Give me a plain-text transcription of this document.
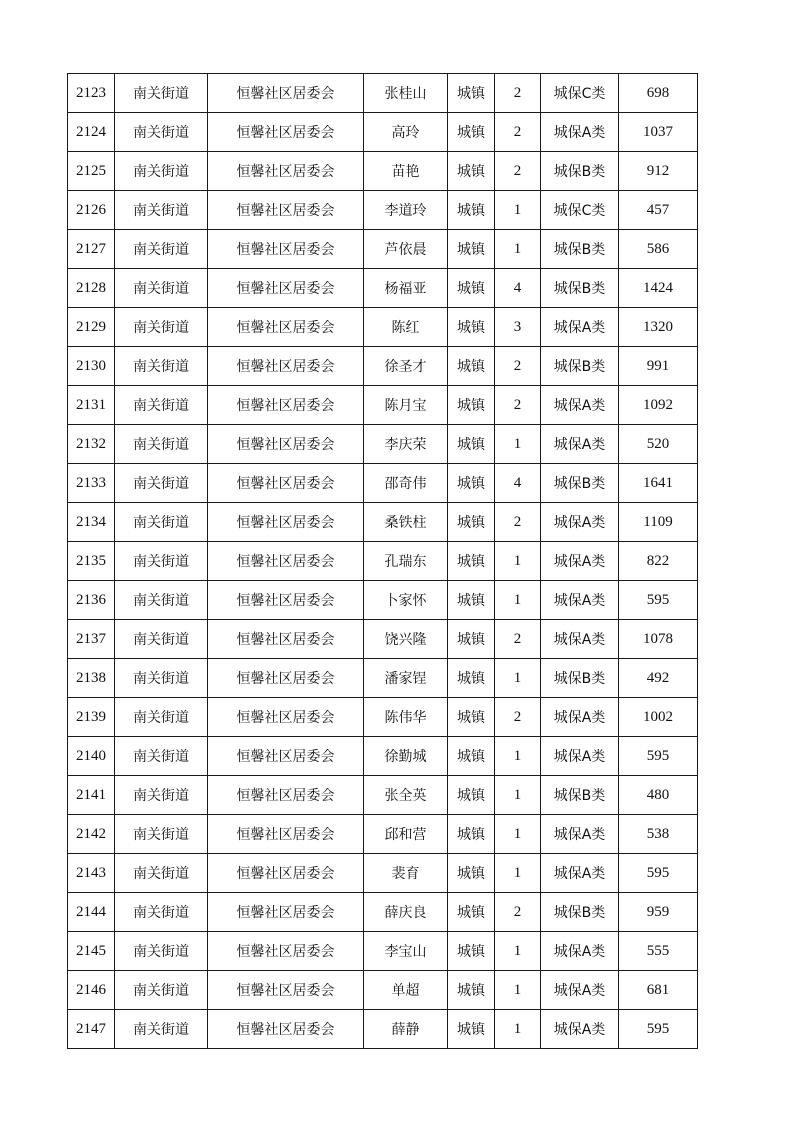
2123	南关街道	恒馨社区居委会	张桂山	城镇	2	城保C类	698
2124	南关街道	恒馨社区居委会	高玲	城镇	2	城保A类	1037
2125	南关街道	恒馨社区居委会	苗艳	城镇	2	城保B类	912
2126	南关街道	恒馨社区居委会	李道玲	城镇	1	城保C类	457
2127	南关街道	恒馨社区居委会	芦依晨	城镇	1	城保B类	586
2128	南关街道	恒馨社区居委会	杨福亚	城镇	4	城保B类	1424
2129	南关街道	恒馨社区居委会	陈红	城镇	3	城保A类	1320
2130	南关街道	恒馨社区居委会	徐圣才	城镇	2	城保B类	991
2131	南关街道	恒馨社区居委会	陈月宝	城镇	2	城保A类	1092
2132	南关街道	恒馨社区居委会	李庆荣	城镇	1	城保A类	520
2133	南关街道	恒馨社区居委会	邵奇伟	城镇	4	城保B类	1641
2134	南关街道	恒馨社区居委会	桑铁柱	城镇	2	城保A类	1109
2135	南关街道	恒馨社区居委会	孔瑞东	城镇	1	城保A类	822
2136	南关街道	恒馨社区居委会	卜家怀	城镇	1	城保A类	595
2137	南关街道	恒馨社区居委会	饶兴隆	城镇	2	城保A类	1078
2138	南关街道	恒馨社区居委会	潘家锃	城镇	1	城保B类	492
2139	南关街道	恒馨社区居委会	陈伟华	城镇	2	城保A类	1002
2140	南关街道	恒馨社区居委会	徐勤城	城镇	1	城保A类	595
2141	南关街道	恒馨社区居委会	张全英	城镇	1	城保B类	480
2142	南关街道	恒馨社区居委会	邱和营	城镇	1	城保A类	538
2143	南关街道	恒馨社区居委会	裴育	城镇	1	城保A类	595
2144	南关街道	恒馨社区居委会	薛庆良	城镇	2	城保B类	959
2145	南关街道	恒馨社区居委会	李宝山	城镇	1	城保A类	555
2146	南关街道	恒馨社区居委会	单超	城镇	1	城保A类	681
2147	南关街道	恒馨社区居委会	薛静	城镇	1	城保A类	595
